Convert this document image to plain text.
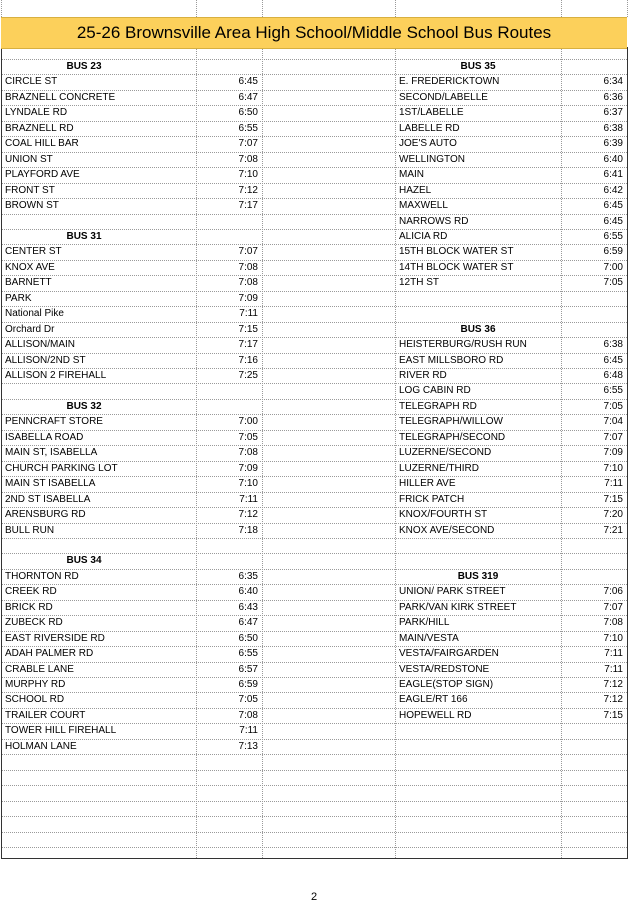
25-26 Brownsville Area High School/Middle School Bus Routes
BUS 23
CIRCLE ST	6:45
BRAZNELL CONCRETE	6:47
LYNDALE RD	6:50
BRAZNELL RD	6:55
COAL HILL BAR	7:07
UNION ST	7:08
PLAYFORD AVE	7:10
FRONT ST	7:12
BROWN ST	7:17
BUS 31
CENTER ST	7:07
KNOX AVE	7:08
BARNETT	7:08
PARK	7:09
National Pike	7:11
Orchard Dr	7:15
ALLISON/MAIN	7:17
ALLISON/2ND ST	7:16
ALLISON 2 FIREHALL	7:25
BUS 32
PENNCRAFT STORE	7:00
ISABELLA ROAD	7:05
MAIN ST, ISABELLA	7:08
CHURCH PARKING LOT	7:09
MAIN ST ISABELLA	7:10
2ND ST ISABELLA	7:11
ARENSBURG RD	7:12
BULL RUN	7:18
BUS 34
THORNTON RD	6:35
CREEK RD	6:40
BRICK RD	6:43
ZUBECK RD	6:47
EAST RIVERSIDE RD	6:50
ADAH PALMER RD	6:55
CRABLE LANE	6:57
MURPHY RD	6:59
SCHOOL RD	7:05
TRAILER COURT	7:08
TOWER HILL FIREHALL	7:11
HOLMAN LANE	7:13
BUS 35
E. FREDERICKTOWN	6:34
SECOND/LABELLE	6:36
1ST/LABELLE	6:37
LABELLE RD	6:38
JOE'S AUTO	6:39
WELLINGTON	6:40
MAIN	6:41
HAZEL	6:42
MAXWELL	6:45
NARROWS RD	6:45
ALICIA RD	6:55
15TH BLOCK WATER ST	6:59
14TH BLOCK WATER ST	7:00
12TH ST	7:05
BUS 36
HEISTERBURG/RUSH RUN	6:38
EAST MILLSBORO RD	6:45
RIVER RD	6:48
LOG CABIN RD	6:55
TELEGRAPH RD	7:05
TELEGRAPH/WILLOW	7:04
TELEGRAPH/SECOND	7:07
LUZERNE/SECOND	7:09
LUZERNE/THIRD	7:10
HILLER AVE	7:11
FRICK PATCH	7:15
KNOX/FOURTH ST	7:20
KNOX AVE/SECOND	7:21
BUS 319
UNION/ PARK STREET	7:06
PARK/VAN KIRK STREET	7:07
PARK/HILL	7:08
MAIN/VESTA	7:10
VESTA/FAIRGARDEN	7:11
VESTA/REDSTONE	7:11
EAGLE(STOP SIGN)	7:12
EAGLE/RT 166	7:12
HOPEWELL RD	7:15
2
